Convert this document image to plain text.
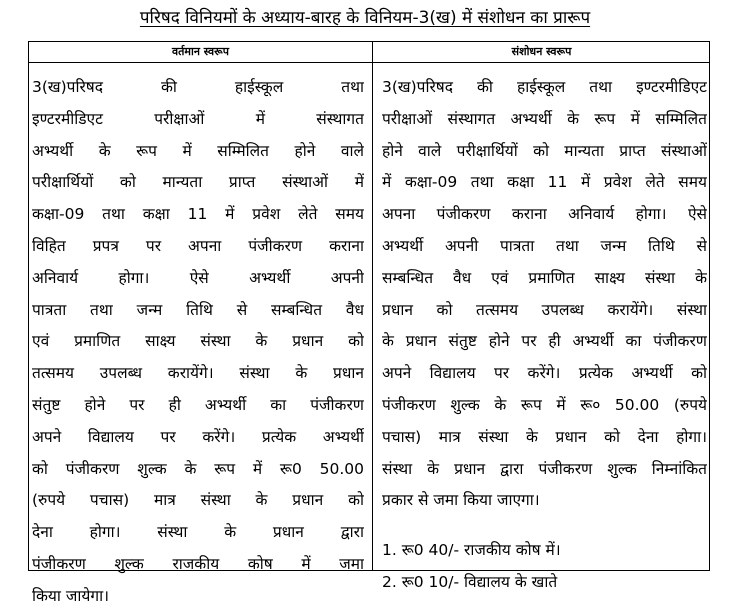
परिषद विनियमों के अध्याय-बारह के विनियम-3(ख) में संशोधन का प्रारूप
वर्तमान स्वरूप	संशोधन स्वरूप
3(ख)परिषद की हाईस्कूल तथा
इण्टरमीडिएट परीक्षाओं में संस्थागत
अभ्यर्थी के रूप में सम्मिलित होने वाले
परीक्षार्थियों को मान्यता प्राप्त संस्थाओं में
कक्षा-09 तथा कक्षा 11 में प्रवेश लेते समय
विहित प्रपत्र पर अपना पंजीकरण कराना
अनिवार्य होगा। ऐसे अभ्यर्थी अपनी
पात्रता तथा जन्म तिथि से सम्बन्धित वैध
एवं प्रमाणित साक्ष्य संस्था के प्रधान को
तत्समय उपलब्ध करायेंगे। संस्था के प्रधान
संतुष्ट होने पर ही अभ्यर्थी का पंजीकरण
अपने विद्यालय पर करेंगे। प्रत्येक अभ्यर्थी
को पंजीकरण शुल्क के रूप में रू0 50.00
(रुपये पचास) मात्र संस्था के प्रधान को
देना होगा। संस्था के प्रधान द्वारा
पंजीकरण शुल्क राजकीय कोष में जमा
किया जायेगा।
3(ख)परिषद की हाईस्कूल तथा इण्टरमीडिएट
परीक्षाओं संस्थागत अभ्यर्थी के रूप में सम्मिलित
होने वाले परीक्षार्थियों को मान्यता प्राप्त संस्थाओं
में कक्षा-09 तथा कक्षा 11 में प्रवेश लेते समय
अपना पंजीकरण कराना अनिवार्य होगा। ऐसे
अभ्यर्थी अपनी पात्रता तथा जन्म तिथि से
सम्बन्धित वैध एवं प्रमाणित साक्ष्य संस्था के
प्रधान को तत्समय उपलब्ध करायेंगे। संस्था
के प्रधान संतुष्ट होने पर ही अभ्यर्थी का पंजीकरण
अपने विद्यालय पर करेंगे। प्रत्येक अभ्यर्थी को
पंजीकरण शुल्क के रूप में रू० 50.00 (रुपये
पचास) मात्र संस्था के प्रधान को देना होगा।
संस्था के प्रधान द्वारा पंजीकरण शुल्क निम्नांकित
प्रकार से जमा किया जाएगा।
1. रू0 40/- राजकीय कोष में।
2. रू0 10/- विद्यालय के खाते
